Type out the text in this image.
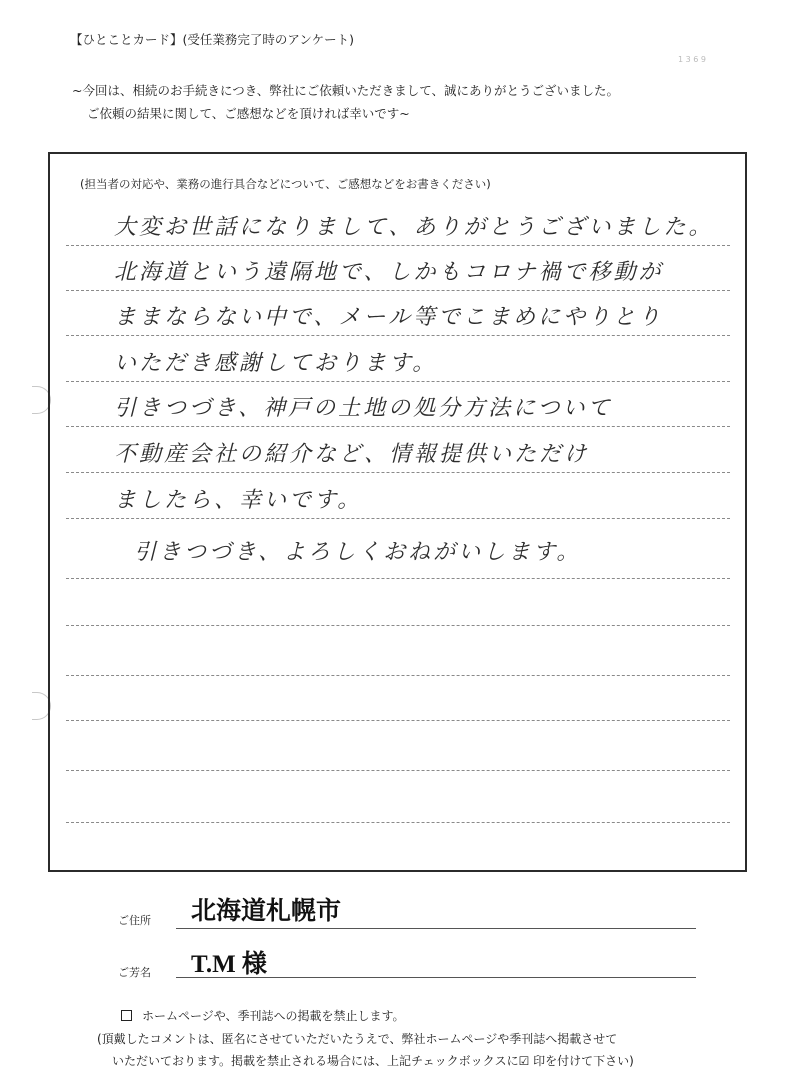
【ひとことカード】(受任業務完了時のアンケート)
1 3 6 9
~今回は、相続のお手続きにつき、弊社にご依頼いただきまして、誠にありがとうございました。
ご依頼の結果に関して、ご感想などを頂ければ幸いです~
(担当者の対応や、業務の進行具合などについて、ご感想などをお書きください)
大変お世話になりまして、ありがとうございました。
北海道という遠隔地で、しかもコロナ禍で移動が
ままならない中で、メール等でこまめにやりとり
いただき感謝しております。
引きつづき、神戸の土地の処分方法について
不動産会社の紹介など、情報提供いただけ
ましたら、幸いです。
引きつづき、よろしくおねがいします。
ご住所 北海道札幌市
ご芳名 T.M 様
ホームページや、季刊誌への掲載を禁止します。
(頂戴したコメントは、匿名にさせていただいたうえで、弊社ホームページや季刊誌へ掲載させて
いただいております。掲載を禁止される場合には、上記チェックボックスに☑ 印を付けて下さい)
